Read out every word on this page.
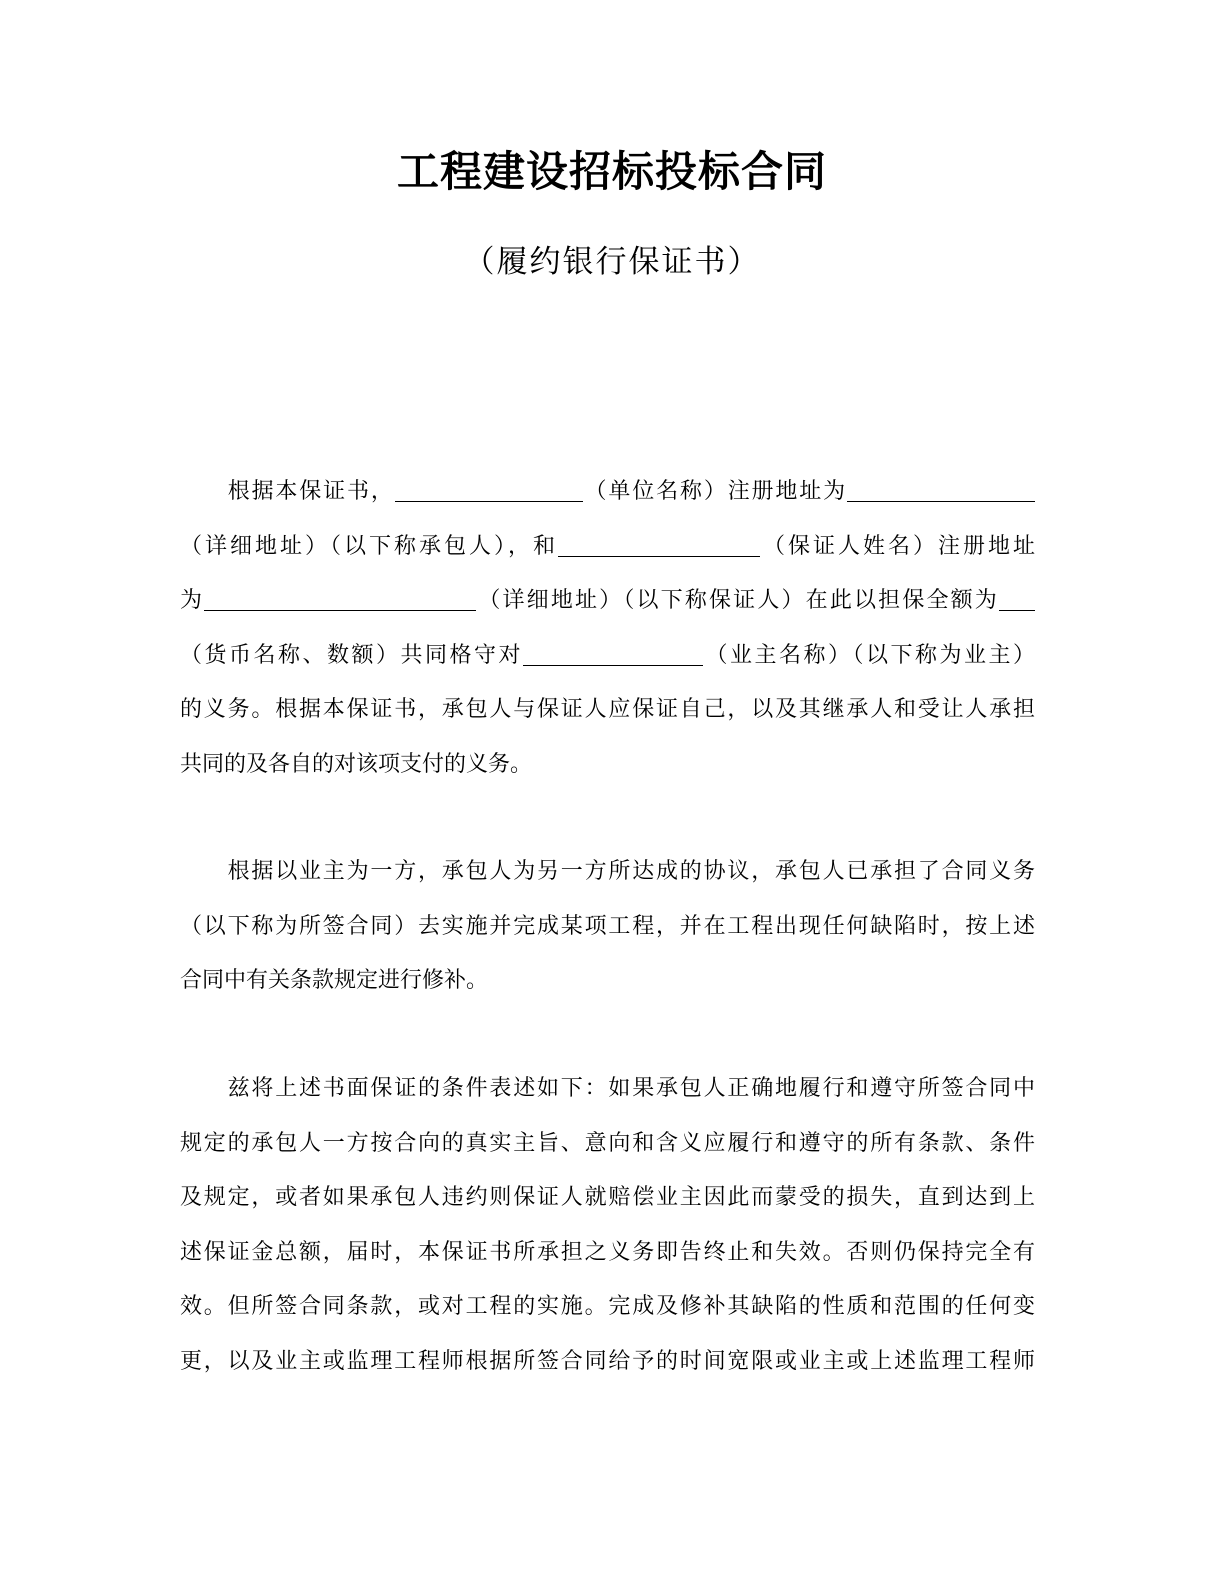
工程建设招标投标合同
（履约银行保证书）
　　根据本保证书，	（单位名称）注册地址为
（详细地址）（以下称承包人），和	（保证人姓名）注册地址
为	（详细地址）（以下称保证人）在此以担保全额为
（货币名称、数额）共同格守对	（业主名称）（以下称为业主）
的义务。根据本保证书，承包人与保证人应保证自己，以及其继承人和受让人承担
共同的及各自的对该项支付的义务。
　　根据以业主为一方，承包人为另一方所达成的协议，承包人已承担了合同义务
（以下称为所签合同）去实施并完成某项工程，并在工程出现任何缺陷时，按上述
合同中有关条款规定进行修补。
　　兹将上述书面保证的条件表述如下：如果承包人正确地履行和遵守所签合同中
规定的承包人一方按合向的真实主旨、意向和含义应履行和遵守的所有条款、条件
及规定，或者如果承包人违约则保证人就赔偿业主因此而蒙受的损失，直到达到上
述保证金总额，届时，本保证书所承担之义务即告终止和失效。否则仍保持完全有
效。但所签合同条款，或对工程的实施。完成及修补其缺陷的性质和范围的任何变
更，以及业主或监理工程师根据所签合同给予的时间宽限或业主或上述监理工程师
